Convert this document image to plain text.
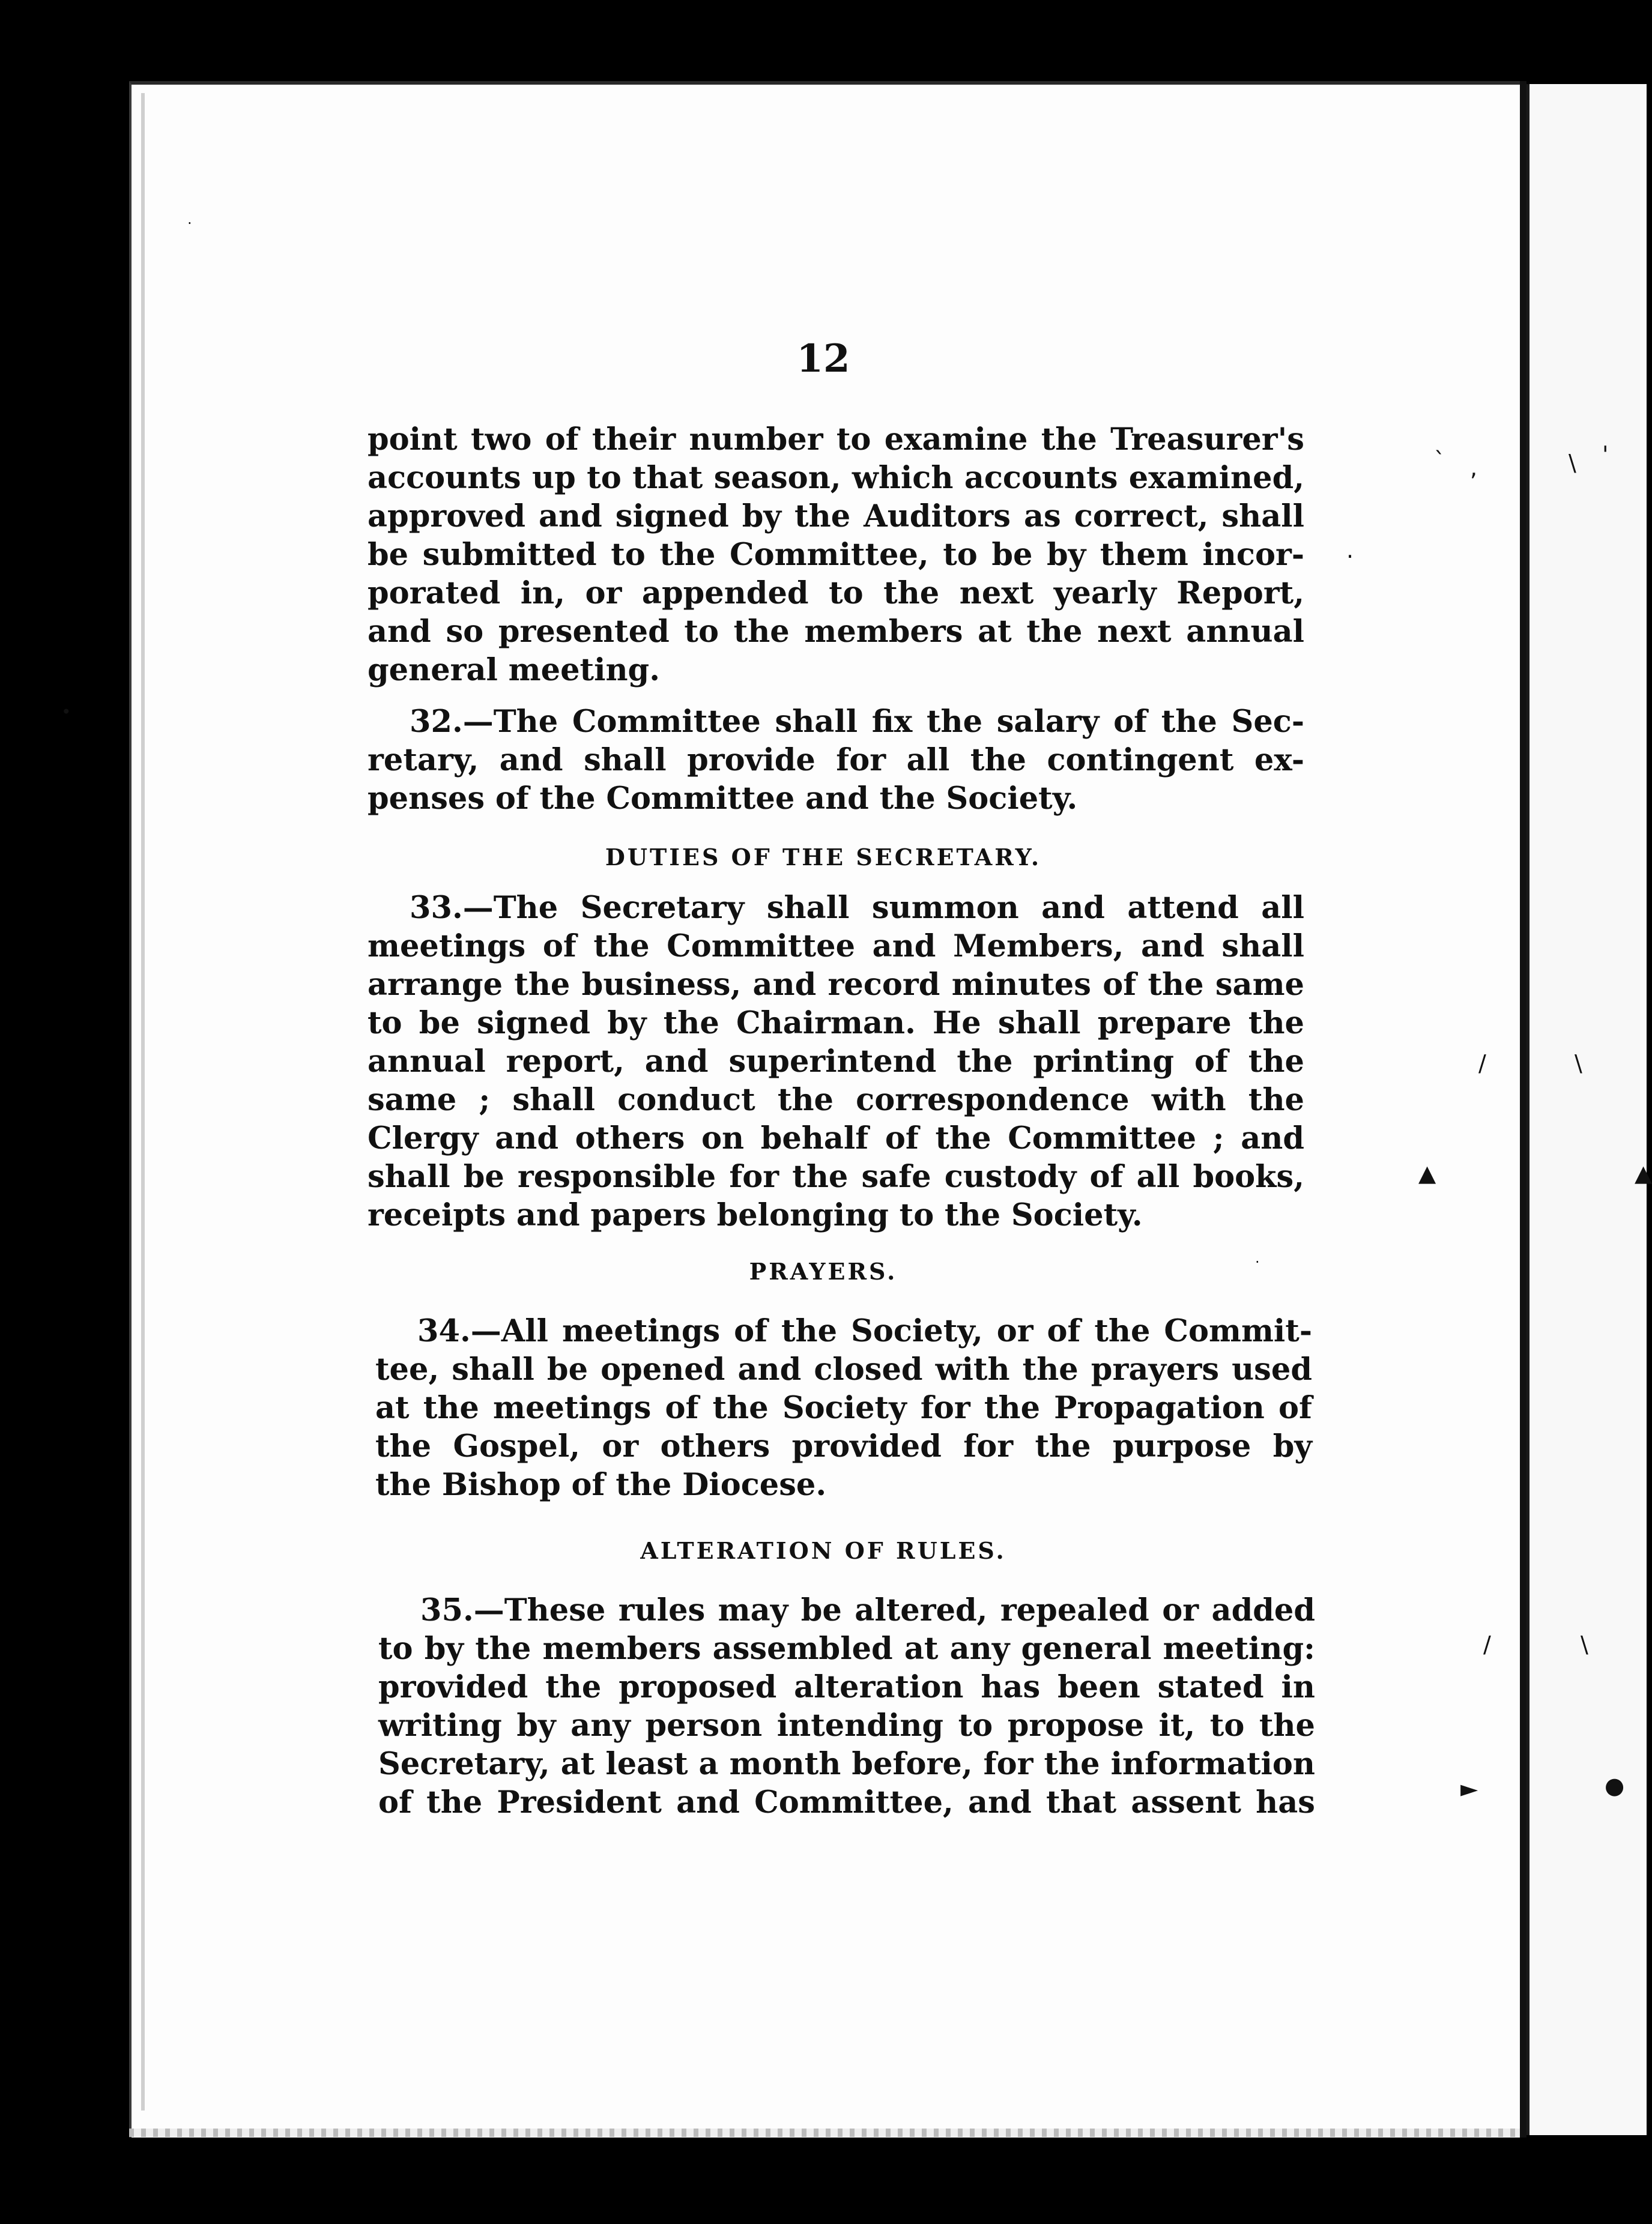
` ,	\ '
·
/	\
▲	▲
/	\
►	●
•
·
·
12
point two of their number to examine the Treasurer's
accounts up to that season, which accounts examined,
approved and signed by the Auditors as correct, shall
be submitted to the Committee, to be by them incor-
porated in, or appended to the next yearly Report,
and so presented to the members at the next annual
general meeting.
32.—The Committee shall fix the salary of the Sec-
retary, and shall provide for all the contingent ex-
penses of the Committee and the Society.
DUTIES OF THE SECRETARY.
33.—The Secretary shall summon and attend all
meetings of the Committee and Members, and shall
arrange the business, and record minutes of the same
to be signed by the Chairman. He shall prepare the
annual report, and superintend the printing of the
same ; shall conduct the correspondence with the
Clergy and others on behalf of the Committee ; and
shall be responsible for the safe custody of all books,
receipts and papers belonging to the Society.
PRAYERS.
34.—All meetings of the Society, or of the Commit-
tee, shall be opened and closed with the prayers used
at the meetings of the Society for the Propagation of
the Gospel, or others provided for the purpose by
the Bishop of the Diocese.
ALTERATION OF RULES.
35.—These rules may be altered, repealed or added
to by the members assembled at any general meeting:
provided the proposed alteration has been stated in
writing by any person intending to propose it, to the
Secretary, at least a month before, for the information
of the President and Committee, and that assent has
